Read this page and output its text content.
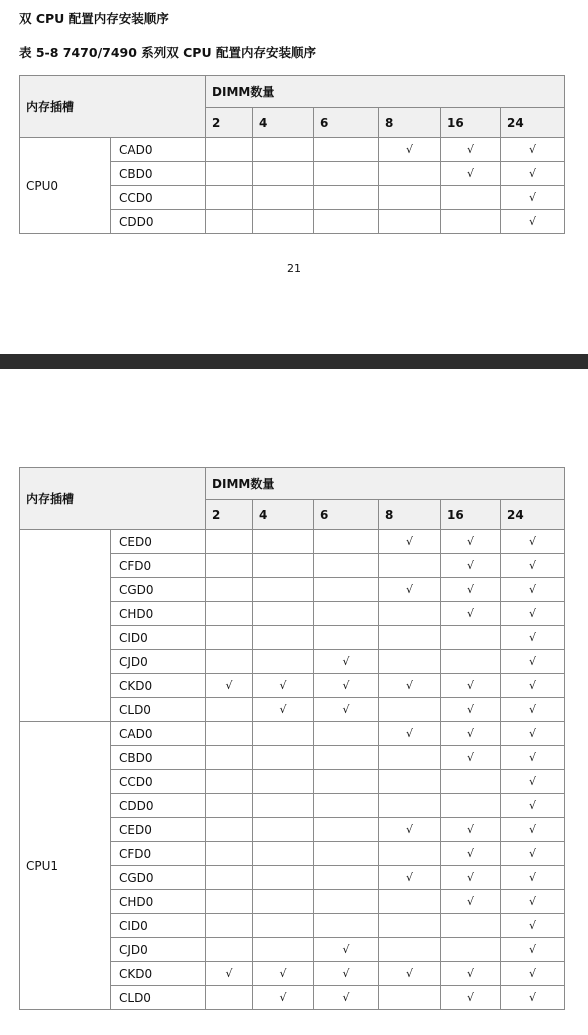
双 CPU 配置内存安装顺序
表 5-8 7470/7490 系列双 CPU 配置内存安装顺序
内存插槽		DIMM数量					
		2	4	6	8	16	24
CPU0	CAD0				√	√	√
	CBD0					√	√
	CCD0						√
	CDD0						√
21
内存插槽		DIMM数量					
		2	4	6	8	16	24
	CED0				√	√	√
	CFD0					√	√
	CGD0				√	√	√
	CHD0					√	√
	CID0						√
	CJD0			√			√
	CKD0	√	√	√	√	√	√
	CLD0		√	√		√	√
CPU1	CAD0				√	√	√
	CBD0					√	√
	CCD0						√
	CDD0						√
	CED0				√	√	√
	CFD0					√	√
	CGD0				√	√	√
	CHD0					√	√
	CID0						√
	CJD0			√			√
	CKD0	√	√	√	√	√	√
	CLD0		√	√		√	√
